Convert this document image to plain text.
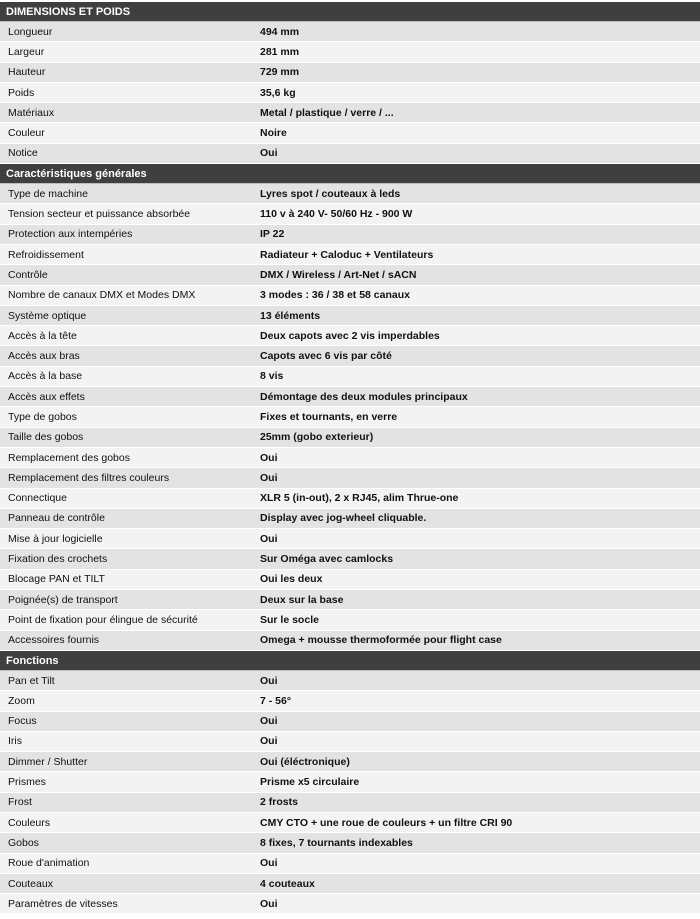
DIMENSIONS ET POIDS
Longueur	494 mm
Largeur	281 mm
Hauteur	729 mm
Poids	35,6 kg
Matériaux	Metal / plastique / verre / ...
Couleur	Noire
Notice	Oui
Caractéristiques générales
Type de machine	Lyres spot / couteaux à leds
Tension secteur et puissance absorbée	110 v à 240 V- 50/60 Hz - 900 W
Protection aux intempéries	IP 22
Refroidissement	Radiateur + Caloduc + Ventilateurs
Contrôle	DMX / Wireless / Art-Net / sACN
Nombre de canaux DMX et Modes DMX	3 modes : 36 / 38 et 58 canaux
Système optique	13 éléments
Accès à la tête	Deux capots avec 2 vis imperdables
Accès aux bras	Capots avec 6 vis par côté
Accès à la base	8 vis
Accès aux effets	Démontage des deux modules principaux
Type de gobos	Fixes et tournants, en verre
Taille des gobos	25mm (gobo exterieur)
Remplacement des gobos	Oui
Remplacement des filtres couleurs	Oui
Connectique	XLR 5 (in-out), 2 x RJ45, alim Thrue-one
Panneau de contrôle	Display avec jog-wheel cliquable.
Mise à jour logicielle	Oui
Fixation des crochets	Sur Oméga avec camlocks
Blocage PAN et TILT	Oui les deux
Poignée(s) de transport	Deux sur la base
Point de fixation pour élingue de sécurité	Sur le socle
Accessoires fournis	Omega + mousse thermoformée pour flight case
Fonctions
Pan et Tilt	Oui
Zoom	7 - 56°
Focus	Oui
Iris	Oui
Dimmer / Shutter	Oui (éléctronique)
Prismes	Prisme x5 circulaire
Frost	2 frosts
Couleurs	CMY CTO + une roue de couleurs + un filtre CRI 90
Gobos	8 fixes, 7 tournants indexables
Roue d'animation	Oui
Couteaux	4 couteaux
Paramètres de vitesses	Oui
